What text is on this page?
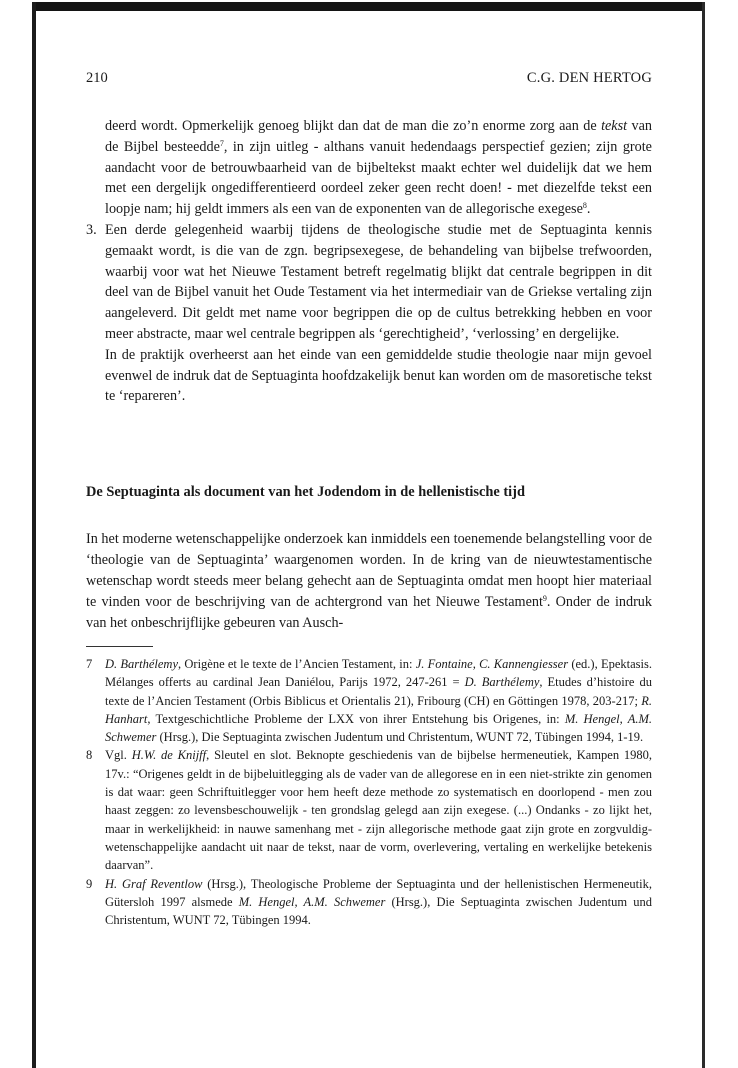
210	C.G. DEN HERTOG

deerd wordt. Opmerkelijk genoeg blijkt dan dat de man die zo’n enorme zorg aan de tekst van de Bijbel besteedde$^7$, in zijn uitleg - althans vanuit hedendaags perspectief gezien; zijn grote aandacht voor de betrouwbaarheid van de bijbeltekst maakt echter wel duidelijk dat we hem met een dergelijk ongedifferentieerd oordeel zeker geen recht doen! - met diezelfde tekst een loopje nam; hij geldt immers als een van de exponenten van de allegorische exegese$^8$.

3. Een derde gelegenheid waarbij tijdens de theologische studie met de Septuaginta kennis gemaakt wordt, is die van de zgn. begripsexegese, de behandeling van bijbelse trefwoorden, waarbij voor wat het Nieuwe Testament betreft regelmatig blijkt dat centrale begrippen in dit deel van de Bijbel vanuit het Oude Testament via het intermediair van de Griekse vertaling zijn aangeleverd. Dit geldt met name voor begrippen die op de cultus betrekking hebben en voor meer abstracte, maar wel centrale begrippen als ‘gerechtigheid’, ‘verlossing’ en dergelijke.

In de praktijk overheerst aan het einde van een gemiddelde studie theologie naar mijn gevoel evenwel de indruk dat de Septuaginta hoofdzakelijk benut kan worden om de masoretische tekst te ‘repareren’.

De Septuaginta als document van het Jodendom in de hellenistische tijd
In het moderne wetenschappelijke onderzoek kan inmiddels een toenemende belangstelling voor de ‘theologie van de Septuaginta’ waargenomen worden. In de kring van de nieuwtestamentische wetenschap wordt steeds meer belang gehecht aan de Septuaginta omdat men hoopt hier materiaal te vinden voor de beschrijving van de achtergrond van het Nieuwe Testament$^9$. Onder de indruk van het onbeschrijflijke gebeuren van Ausch-

7 D. Barthélemy, Origène et le texte de l’Ancien Testament, in: J. Fontaine, C. Kannengiesser (ed.), Epektasis. Mélanges offerts au cardinal Jean Daniélou, Parijs 1972, 247-261 = D. Barthélemy, Etudes d’histoire du texte de l’Ancien Testament (Orbis Biblicus et Orientalis 21), Fribourg (CH) en Göttingen 1978, 203-217; R. Hanhart, Textgeschichtliche Probleme der LXX von ihrer Entstehung bis Origenes, in: M. Hengel, A.M. Schwemer (Hrsg.), Die Septuaginta zwischen Judentum und Christentum, WUNT 72, Tübingen 1994, 1-19.

8 Vgl. H.W. de Knijff, Sleutel en slot. Beknopte geschiedenis van de bijbelse hermeneutiek, Kampen 1980, 17v.: “Origenes geldt in de bijbeluitlegging als de vader van de allegorese en in een niet-strikte zin genomen is dat waar: geen Schriftuitlegger voor hem heeft deze methode zo systematisch en doorlopend - men zou haast zeggen: zo levensbeschouwelijk - ten grondslag gelegd aan zijn exegese. (...) Ondanks - zo lijkt het, maar in werkelijkheid: in nauwe samenhang met - zijn allegorische methode gaat zijn grote en zorgvuldig-wetenschappelijke aandacht uit naar de tekst, naar de vorm, overlevering, vertaling en werkelijke betekenis daarvan”.

9 H. Graf Reventlow (Hrsg.), Theologische Probleme der Septuaginta und der hellenistischen Hermeneutik, Gütersloh 1997 alsmede M. Hengel, A.M. Schwemer (Hrsg.), Die Septuaginta zwischen Judentum und Christentum, WUNT 72, Tübingen 1994.
